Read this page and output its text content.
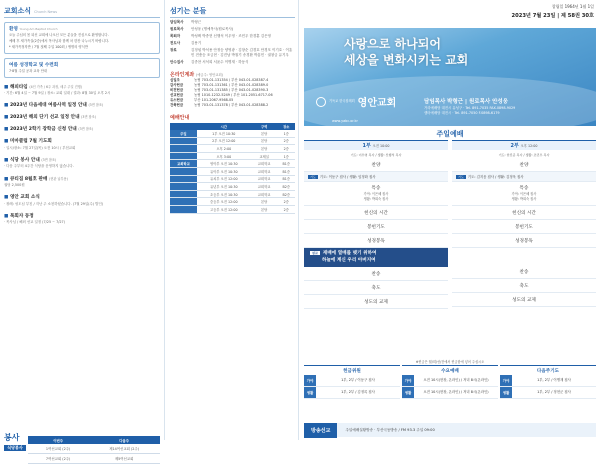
교회소식 Church News
환영 Young Am Baptist Church
오늘 주님의 몸 되신 교회에 나오신 모든 분들을 진심으로 환영합니다.
예배 후 새가족실(2층)에서 목사님과 함께 차 한잔 나누시기 바랍니다.
* 새가족정착반 / 7월 첫째 주일 100회 / 생명의 양식반
여름 성경학교 및 수련회
7·8월 주일 공과 교육 안내
■ 해피타임 (4인 가족 / 6주 과정, 매주 주일 진행)
· 기간: 6월 4일 ~ 7월 9일 / 장소: 교회 일대 / 결과: 8월 30일 오후 2시
■ 2023년 다음세대 여름사역 일정 안내 (3면 참조)
■ 2023년 해외 단기 선교 일정 안내 (3면 참조)
■ 2023년 2학기 장학금 신청 안내 (3면 참조)
■ 미마클럽 7월 기도회
· 일시/장소: 7월 27일(목) 오전 10시 / 부천교회
■ 식당 봉사 안내 (3면 참조)
· 다음 주부터 4주간 식당을 운영하지 않습니다.
■ 큐티집 8월호 판매 (현관 납부용)
권당 2,500원
■ 영안 교회 소식
· 장례: 성도님 부친 / 지난 주 소천하셨습니다. (7월 29일(수) 발인)
■ 목회자 동정
· 목사님 / 해외 선교 일정 (7/25 ~ 7/27)
봉사
식당봉사
이번주	다음주
1여선교회 (2주)	제14여선교회 (2주)
7여선교회 (2주)	제5여선교회
섬기는 분들
담임목사	박형근
원로목사	안성웅 (명예목사/원로목사)
목회자	박성택 박종현 신행석 이우영 · 조민우 한경훈 김은영
전도사	김용기
장로	김정섭 박석용 안정승 양영광 · 김창순 김경호 안경모 이기호 · 이흥민 전충승 조금현 · 김진남 박철기 송경환 박흥민 · 권창금 유기우
안수집사	김종찬 서석희 서윤수 이병재 · 하동식
온라인계좌 (예금주: 영안교회)
십일조	농협 703-01-131354 / 부산 043-01-028387-4
감사헌금	농협 703-01-131361 / 부산 043-01-028389-0
비전헌금	농협 703-01-131385 / 부산 043-01-028390-3
선교헌금	농협 1010-1232-5249 / 부산 101-2051-6717-06
유스헌금	부산 101-2067-9568-05
건축헌금	농협 703-01-131378 / 부산 043-01-028388-2
예배안내
	시간	구역	장소
주일	1부 오전 10:30	본당	1층
	2부 오전 12:00	본당	2층
	오후 2:00	본당	2층
	오후 3:00	교제실	1층
교회학교	영아부 오전 10:30	교회학교	B1층
	유아부 오전 10:30	교회학교	B1층
	유치부 오전 12:00	교회학교	B1층
	유년부 오전 10:30	교회학교	B2층
	초등부 오전 10:30	교회학교	B2층
	중등부 오전 12:00	본당	2층
	고등부 오전 12:00	본당	2층
창립일 1964년 1월 1일
2023년 7월 23일 | 제 58권 30호
사랑으로 하나되어
세상을 변화시키는 교회
기독교 한국침례회 영안교회
www.yabc.or.kr
담임목사 박형근 | 원로목사 안성웅
거리예배당 대전시 유성구 · Tel. 891-7035 FAX.0898-9029
샘터예배당 대전시 · Tel. 891-7050 F.0898-6179
주일예배
1부 오전 10:00
기도: 이우영 목사 / 생활: 신행석 목사
찬양
기도 기도: 이동구 집사 / 생활: 임정화 집사
특송
가야: 이은혜 집사
생활: 박희숙 집사
헌신의 시간
봉헌기도
성경봉독
설교 재배에 열매를 맺기 위하여
하늘에 계신 우리 아버지여
찬송
축도
성도의 교제
2부 오후 12:00
기도: 한진준 목사 / 생활: 조민우 목사
찬양
기도 기도: 김지음 집사 / 생활: 김정욱 집사
특송
가야: 이은혜 집사
생활: 박희숙 집사
헌신의 시간
봉헌기도
성경봉독
찬송
축도
성도의 교제
※헌금은 월/회/선/전에서 헌금함에 넣어 주십시오
헌금위원
가야	1부, 2부 / 이동구 집사
생활	1부, 2부 / 김정록 집사
수요예배
가야	오전 10시(현장, 온라인) / 저녁 8시(온라인)
생활	오전 10시(현장, 온라인) / 저녁 8시(온라인)
다음주기도
가야	1부, 2부 / 이병재 집사
생활	1부, 2부 / 정현군 집사
방송선교	주일예배실황방송 · 부산극동방송 / FM 93.3 주일 09:00
